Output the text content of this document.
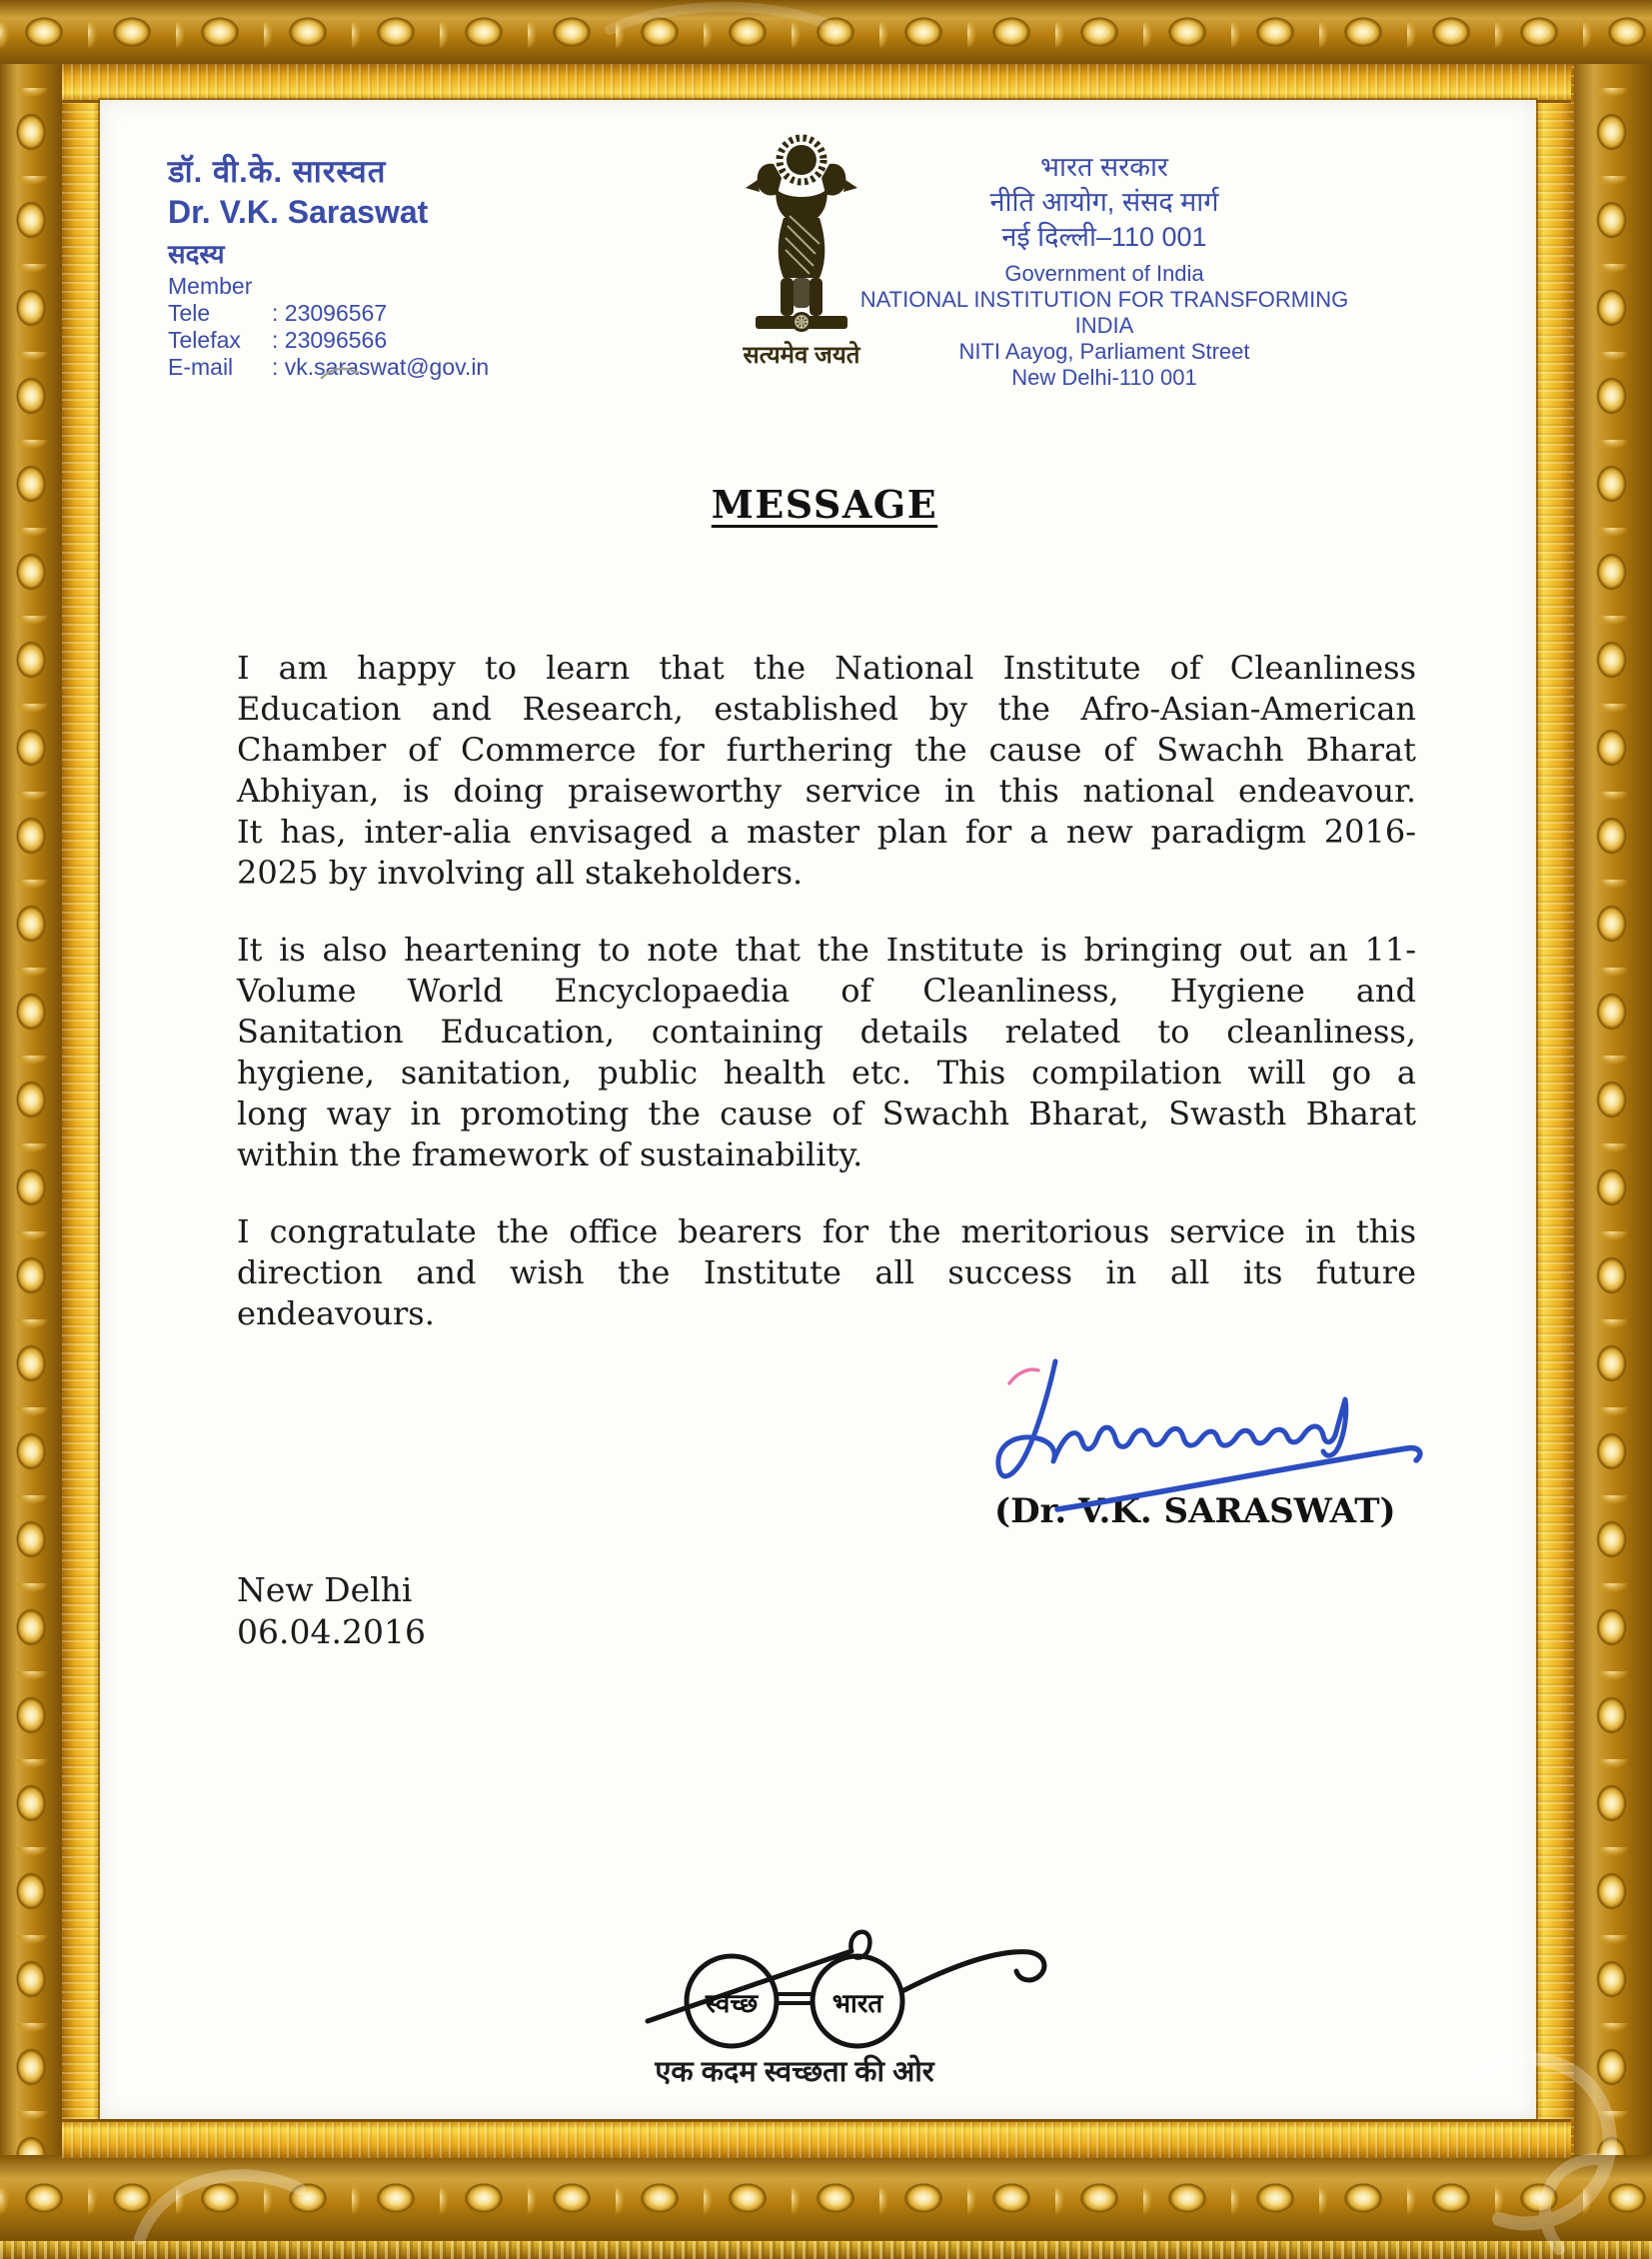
डॉ. वी.के. सारस्वत
Dr. V.K. Saraswat
सदस्य
Member
Tele	: 23096567
Telefax	: 23096566
E-mail	: vk.saraswat@gov.in	सत्यमेव जयते
भारत सरकार
नीति आयोग, संसद मार्ग
नई दिल्ली–110 001
Government of India
NATIONAL INSTITUTION FOR TRANSFORMING INDIA
NITI Aayog, Parliament Street
New Delhi-110 001
MESSAGE
I am happy to learn that the National Institute of Cleanliness
Education and Research, established by the Afro-Asian-American
Chamber of Commerce for furthering the cause of Swachh Bharat
Abhiyan, is doing praiseworthy service in this national endeavour.
It has, inter-alia envisaged a master plan for a new paradigm 2016-
2025 by involving all stakeholders.
It is also heartening to note that the Institute is bringing out an 11-
Volume World Encyclopaedia of Cleanliness, Hygiene and
Sanitation Education, containing details related to cleanliness,
hygiene, sanitation, public health etc. This compilation will go a
long way in promoting the cause of Swachh Bharat, Swasth Bharat
within the framework of sustainability.
I congratulate the office bearers for the meritorious service in this
direction and wish the Institute all success in all its future
endeavours.
(Dr. V.K. SARASWAT)
New Delhi
06.04.2016
स्वच्छ	भारत
एक कदम स्वच्छता की ओर
